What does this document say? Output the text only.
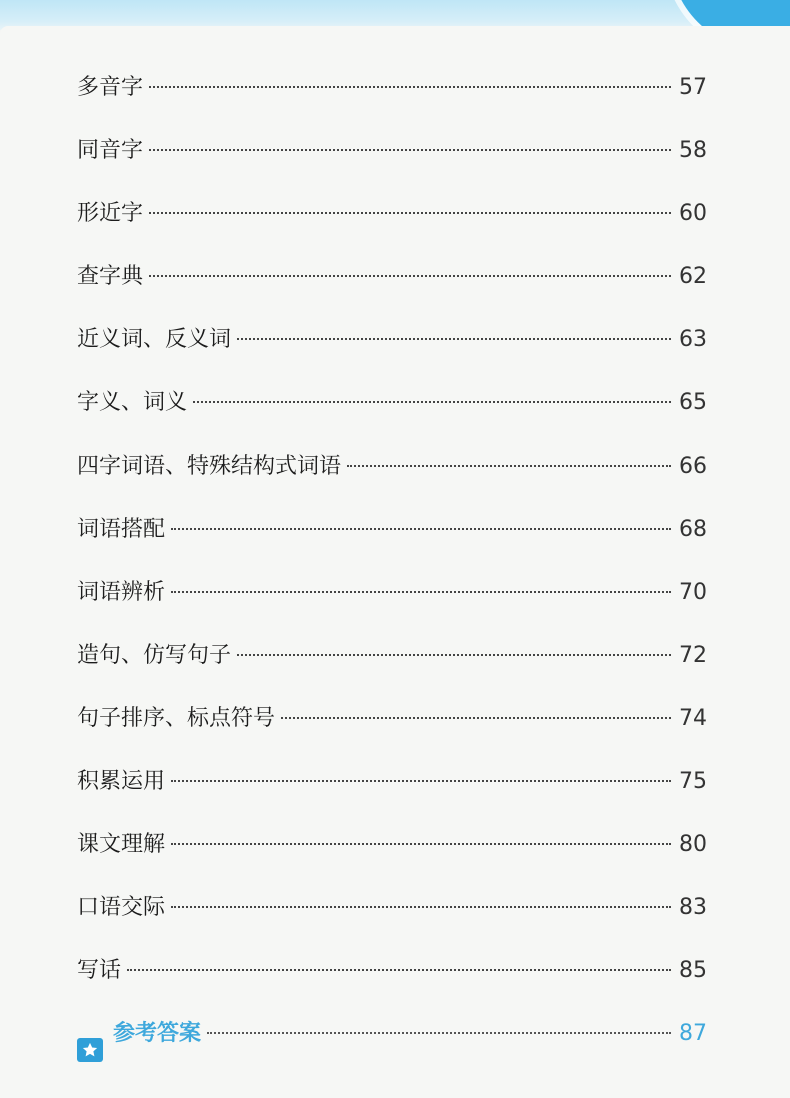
多音字	57
同音字	58
形近字	60
查字典	62
近义词、反义词	63
字义、词义	65
四字词语、特殊结构式词语	66
词语搭配	68
词语辨析	70
造句、仿写句子	72
句子排序、标点符号	74
积累运用	75
课文理解	80
口语交际	83
写话	85
参考答案	87
